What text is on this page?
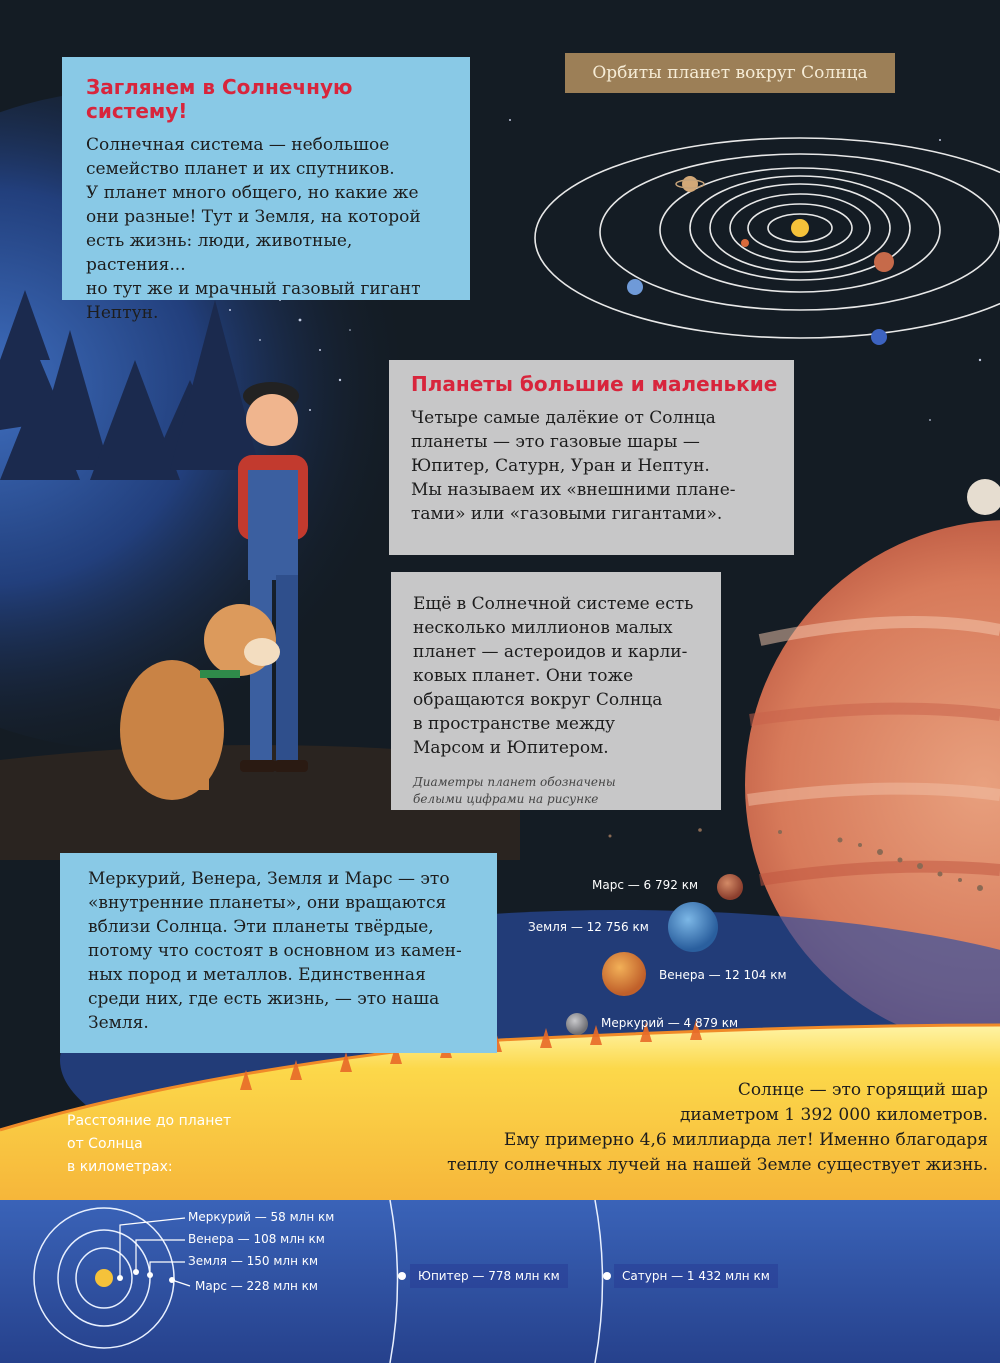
Заглянем в Солнечную систему!

Солнечная система — небольшое
семейство планет и их спутников.
У планет много общего, но какие же
они разные! Тут и Земля, на которой
есть жизнь: люди, животные, растения...
но тут же и мрачный газовый гигант
Нептун.

Орбиты планет вокруг Солнца
Планеты большие и маленькие

Четыре самые далёкие от Солнца
планеты — это газовые шары —
Юпитер, Сатурн, Уран и Нептун.
Мы называем их «внешними плане-
тами» или «газовыми гигантами».

Ещё в Солнечной системе есть
несколько миллионов малых
планет — астероидов и карли-
ковых планет. Они тоже
обращаются вокруг Солнца
в пространстве между
Марсом и Юпитером.

Диаметры планет обозначены
белыми цифрами на рисунке

Меркурий, Венера, Земля и Марс — это
«внутренние планеты», они вращаются
вблизи Солнца. Эти планеты твёрдые,
потому что состоят в основном из камен-
ных пород и металлов. Единственная
среди них, где есть жизнь, — это наша
Земля.

Марс — 6 792 км
Земля — 12 756 км
Венера — 12 104 км
Меркурий — 4 879 км
Солнце — это горящий шар
диаметром 1 392 000 километров.
Ему примерно 4,6 миллиарда лет! Именно благодаря
теплу солнечных лучей на нашей Земле существует жизнь.
Расстояние до планет
от Солнца
в километрах:
Меркурий — 58 млн км
Венера — 108 млн км
Земля — 150 млн км
Марс — 228 млн км
Юпитер — 778 млн км	Сатурн — 1 432 млн км
